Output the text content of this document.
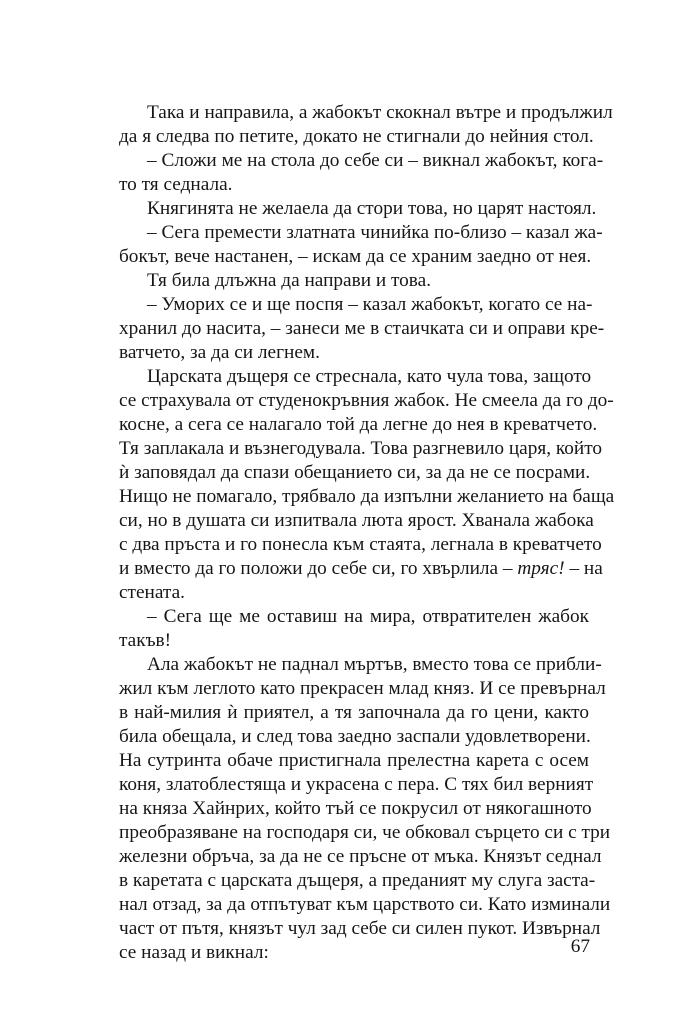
Така и направила, а жабокът скокнал вътре и продължил
да я следва по петите, докато не стигнали до нейния стол.
– Сложи ме на стола до себе си – викнал жабокът, кога-
то тя седнала.
Княгинята не желаела да стори това, но царят настоял.
– Сега премести златната чинийка по-близо – казал жа-
бокът, вече настанен, – искам да се храним заедно от нея.
Тя била длъжна да направи и това.
– Уморих се и ще поспя – казал жабокът, когато се на-
хранил до насита, – занеси ме в стаичката си и оправи кре-
ватчето, за да си легнем.
Царската дъщеря се стреснала, като чула това, защото
се страхувала от студенокръвния жабок. Не смеела да го до-
косне, а сега се налагало той да легне до нея в креватчето.
Тя заплакала и възнегодувала. Това разгневило царя, който
ѝ заповядал да спази обещанието си, за да не се посрами.
Нищо не помагало, трябвало да изпълни желанието на баща
си, но в душата си изпитвала люта ярост. Хванала жабока
с два пръста и го понесла към стаята, легнала в креватчето
и вместо да го положи до себе си, го хвърлила – тряс! – на
стената.
– Сега ще ме оставиш на мира, отвратителен жабок
такъв!
Ала жабокът не паднал мъртъв, вместо това се прибли-
жил към леглото като прекрасен млад княз. И се превърнал
в най-милия ѝ приятел, а тя започнала да го цени, както
била обещала, и след това заедно заспали удовлетворени.
На сутринта обаче пристигнала прелестна карета с осем
коня, златоблестяща и украсена с пера. С тях бил верният
на княза Хайнрих, който тъй се покрусил от някогашното
преобразяване на господаря си, че обковал сърцето си с три
железни обръча, за да не се пръсне от мъка. Князът седнал
в каретата с царската дъщеря, а преданият му слуга застa-
нал отзад, за да отпътуват към царството си. Като изминали
част от пътя, князът чул зад себе си силен пукот. Извърнал
се назад и викнал:	67
